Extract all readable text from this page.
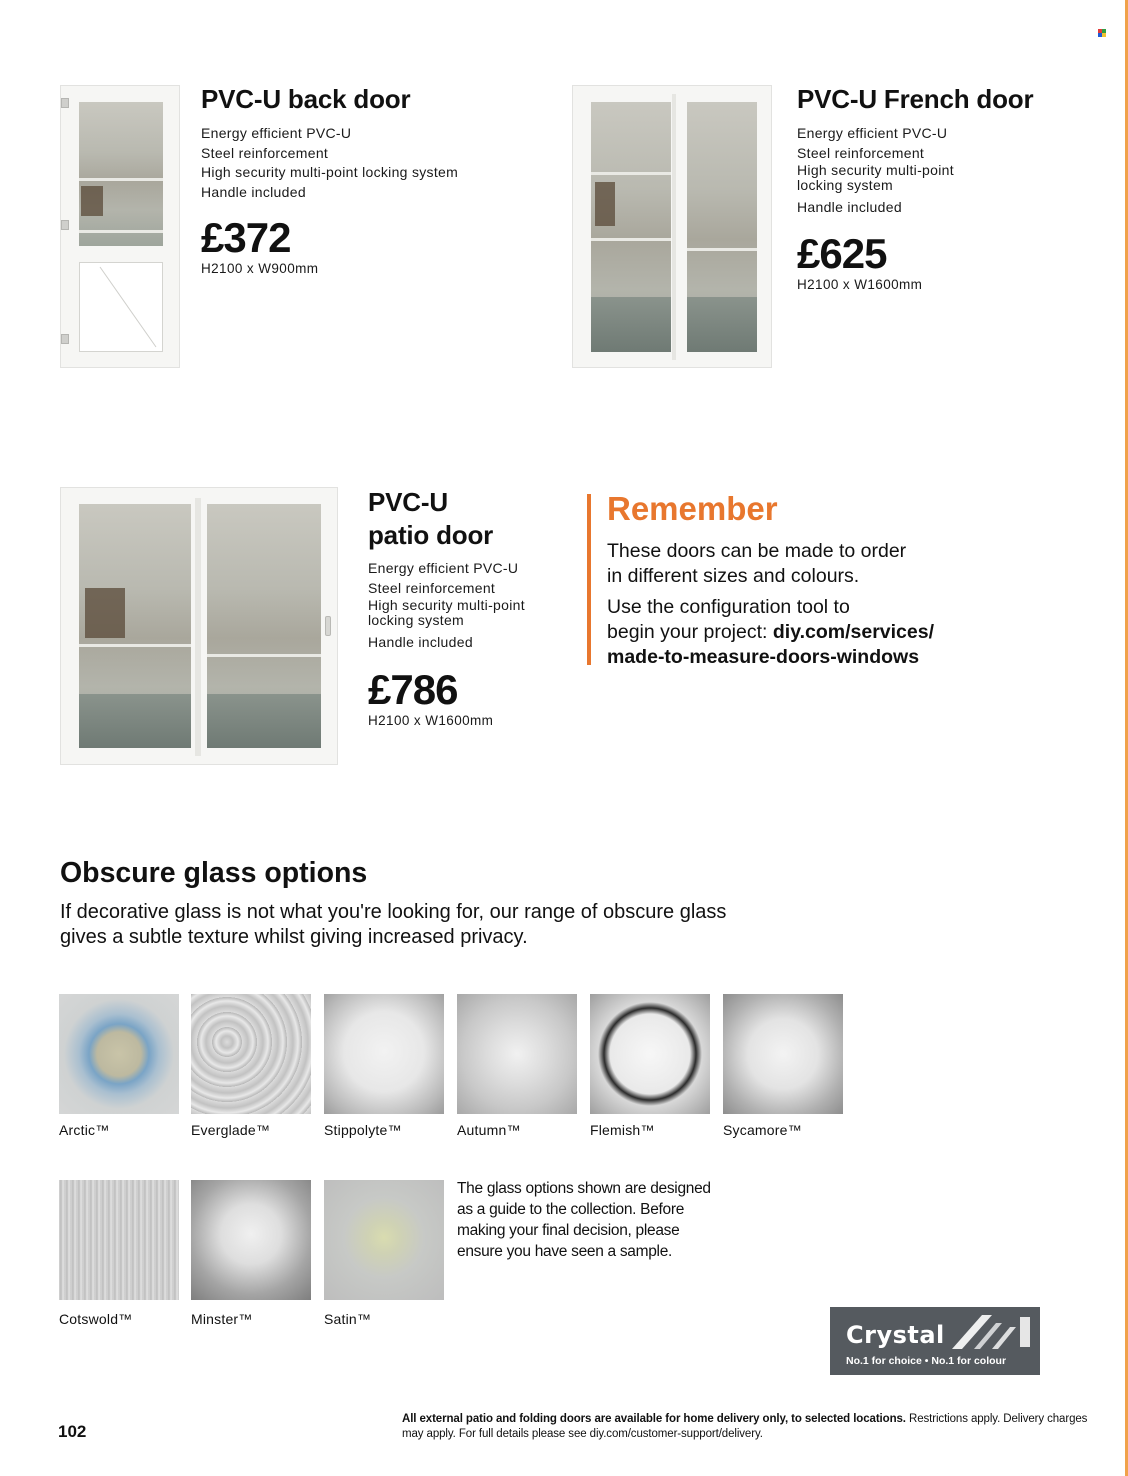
PVC-U back door
Energy efficient PVC-U
Steel reinforcement
High security multi-point locking system
Handle included
£372
H2100 x W900mm
PVC-U French door
Energy efficient PVC-U
Steel reinforcement
High security multi-point locking system
Handle included
£625
H2100 x W1600mm
PVC-U
patio door
Energy efficient PVC-U
Steel reinforcement
High security multi-point locking system
Handle included
£786
H2100 x W1600mm
Remember
These doors can be made to order
in different sizes and colours.
Use the configuration tool to
begin your project: diy.com/services/
made-to-measure-doors-windows
Obscure glass options
If decorative glass is not what you're looking for, our range of obscure glass gives a subtle texture whilst giving increased privacy.
Arctic™	Everglade™	Stippolyte™	Autumn™	Flemish™	Sycamore™
Cotswold™	Minster™	Satin™
The glass options shown are designed as a guide to the collection. Before making your final decision, please ensure you have seen a sample.
Crystal
No.1 for choice • No.1 for colour
102
All external patio and folding doors are available for home delivery only, to selected locations. Restrictions apply. Delivery charges may apply. For full details please see diy.com/customer-support/delivery.
